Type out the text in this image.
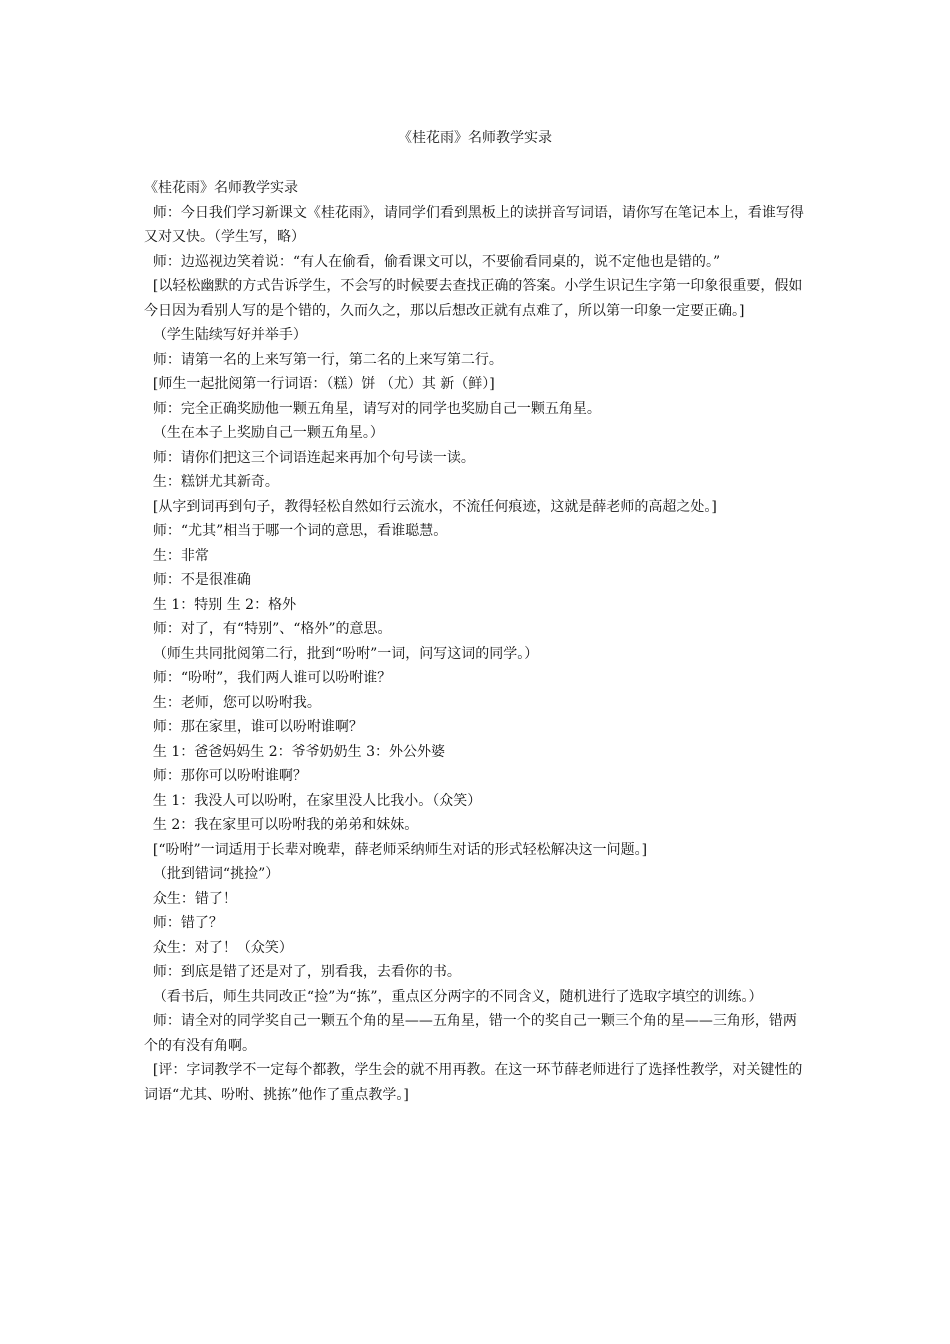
《桂花雨》名师教学实录

《桂花雨》名师教学实录

师：今日我们学习新课文《桂花雨》，请同学们看到黑板上的读拼音写词语，请你写在笔记本上，看谁写得又对又快。（学生写，略）

师：边巡视边笑着说：“有人在偷看，偷看课文可以，不要偷看同桌的，说不定他也是错的。”

[以轻松幽默的方式告诉学生，不会写的时候要去查找正确的答案。小学生识记生字第一印象很重要，假如今日因为看别人写的是个错的，久而久之，那以后想改正就有点难了，所以第一印象一定要正确。]

（学生陆续写好并举手）

师：请第一名的上来写第一行，第二名的上来写第二行。

[师生一起批阅第一行词语：（糕）饼 （尤）其 新（鲜）]

师：完全正确奖励他一颗五角星，请写对的同学也奖励自己一颗五角星。

（生在本子上奖励自己一颗五角星。）

师：请你们把这三个词语连起来再加个句号读一读。

生：糕饼尤其新奇。

[从字到词再到句子，教得轻松自然如行云流水，不流任何痕迹，这就是薛老师的高超之处。]

师：“尤其”相当于哪一个词的意思，看谁聪慧。

生：非常

师：不是很准确

生 1：特别 生 2：格外

师：对了，有“特别”、“格外”的意思。

（师生共同批阅第二行，批到“吩咐”一词，问写这词的同学。）

师：“吩咐”，我们两人谁可以吩咐谁？

生：老师，您可以吩咐我。

师：那在家里，谁可以吩咐谁啊？

生 1：爸爸妈妈生 2：爷爷奶奶生 3：外公外婆

师：那你可以吩咐谁啊？

生 1：我没人可以吩咐，在家里没人比我小。（众笑）

生 2：我在家里可以吩咐我的弟弟和妹妹。

[“吩咐”一词适用于长辈对晚辈，薛老师采纳师生对话的形式轻松解决这一问题。]

（批到错词“挑捡”）

众生：错了！

师：错了？

众生：对了！（众笑）

师：到底是错了还是对了，别看我，去看你的书。

（看书后，师生共同改正“捡”为“拣”，重点区分两字的不同含义，随机进行了选取字填空的训练。）

师：请全对的同学奖自己一颗五个角的星——五角星，错一个的奖自己一颗三个角的星——三角形，错两个的有没有角啊。

[评：字词教学不一定每个都教，学生会的就不用再教。在这一环节薛老师进行了选择性教学，对关键性的词语“尤其、吩咐、挑拣”他作了重点教学。]
